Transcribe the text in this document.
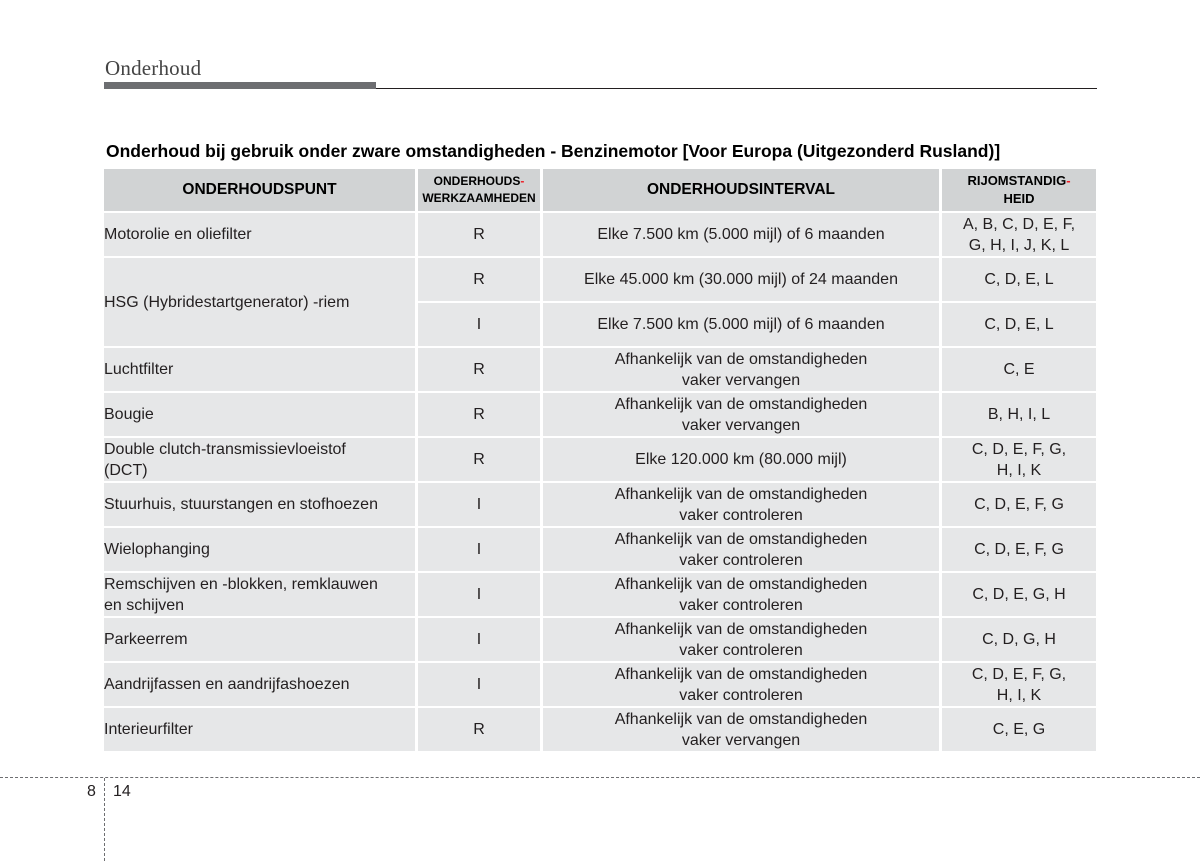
Onderhoud
Onderhoud bij gebruik onder zware omstandigheden - Benzinemotor [Voor Europa (Uitgezonderd Rusland)]
ONDERHOUDSPUNT	ONDERHOUDS-
WERKZAAMHEDEN	ONDERHOUDSINTERVAL	RIJOMSTANDIG-
HEID
Motorolie en oliefilter	R	Elke 7.500 km (5.000 mijl) of 6 maanden	A, B, C, D, E, F,
G, H, I, J, K, L
HSG (Hybridestartgenerator) -riem	R	Elke 45.000 km (30.000 mijl) of 24 maanden	C, D, E, L
	I	Elke 7.500 km (5.000 mijl) of 6 maanden	C, D, E, L
Luchtfilter	R	Afhankelijk van de omstandigheden
vaker vervangen	C, E
Bougie	R	Afhankelijk van de omstandigheden
vaker vervangen	B, H, I, L
Double clutch-transmissievloeistof
(DCT)	R	Elke 120.000 km (80.000 mijl)	C, D, E, F, G,
H, I, K
Stuurhuis, stuurstangen en stofhoezen	I	Afhankelijk van de omstandigheden
vaker controleren	C, D, E, F, G
Wielophanging	I	Afhankelijk van de omstandigheden
vaker controleren	C, D, E, F, G
Remschijven en -blokken, remklauwen
en schijven	I	Afhankelijk van de omstandigheden
vaker controleren	C, D, E, G, H
Parkeerrem	I	Afhankelijk van de omstandigheden
vaker controleren	C, D, G, H
Aandrijfassen en aandrijfashoezen	I	Afhankelijk van de omstandigheden
vaker controleren	C, D, E, F, G,
H, I, K
Interieurfilter	R	Afhankelijk van de omstandigheden
vaker vervangen	C, E, G
8 14
